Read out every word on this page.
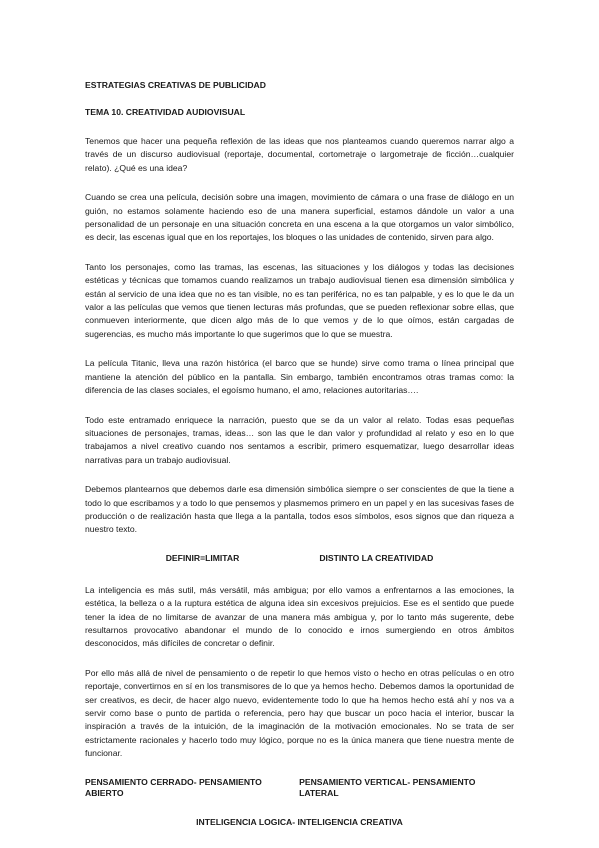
ESTRATEGIAS CREATIVAS DE PUBLICIDAD
TEMA 10. CREATIVIDAD AUDIOVISUAL

Tenemos que hacer una pequeña reflexión de las ideas que nos planteamos cuando queremos narrar algo a través de un discurso audiovisual (reportaje, documental, cortometraje o largometraje de ficción…cualquier relato). ¿Qué es una idea?

Cuando se crea una película, decisión sobre una imagen, movimiento de cámara o una frase de diálogo en un guión, no estamos solamente haciendo eso de una manera superficial, estamos dándole un valor a una personalidad de un personaje en una situación concreta en una escena a la que otorgamos un valor simbólico, es decir, las escenas igual que en los reportajes, los bloques o las unidades de contenido, sirven para algo.

Tanto los personajes, como las tramas, las escenas, las situaciones y los diálogos y todas las decisiones estéticas y técnicas que tomamos cuando realizamos un trabajo audiovisual tienen esa dimensión simbólica y están al servicio de una idea que no es tan visible, no es tan periférica, no es tan palpable, y es lo que le da un valor a las películas que vemos que tienen lecturas más profundas, que se pueden reflexionar sobre ellas, que conmueven interiormente, que dicen algo más de lo que vemos y de lo que oímos, están cargadas de sugerencias, es mucho más importante lo que sugerimos que lo que se muestra.

La película Titanic, lleva una razón histórica (el barco que se hunde) sirve como trama o línea principal que mantiene la atención del público en la pantalla. Sin embargo, también encontramos otras tramas como: la diferencia de las clases sociales, el egoísmo humano, el amo, relaciones autoritarias….

Todo este entramado enriquece la narración, puesto que se da un valor al relato. Todas esas pequeñas situaciones de personajes, tramas, ideas… son las que le dan valor y profundidad al relato y eso en lo que trabajamos a nivel creativo cuando nos sentamos a escribir, primero esquematizar, luego desarrollar ideas narrativas para un trabajo audiovisual.

Debemos plantearnos que debemos darle esa dimensión simbólica siempre o ser conscientes de que la tiene a todo lo que escribamos y a todo lo que pensemos y plasmemos primero en un papel y en las sucesivas fases de producción o de realización hasta que llega a la pantalla, todos esos símbolos, esos signos que dan riqueza a nuestro texto.

DEFINIR=LIMITAR	DISTINTO LA CREATIVIDAD

La inteligencia es más sutil, más versátil, más ambigua; por ello vamos a enfrentarnos a las emociones, la estética, la belleza o a la ruptura estética de alguna idea sin excesivos prejuicios. Ese es el sentido que puede tener la idea de no limitarse de avanzar de una manera más ambigua y, por lo tanto más sugerente, debe resultarnos provocativo abandonar el mundo de lo conocido e irnos sumergiendo en otros ámbitos desconocidos, más difíciles de concretar o definir.

Por ello más allá de nivel de pensamiento o de repetir lo que hemos visto o hecho en otras películas o en otro reportaje, convertirnos en sí en los transmisores de lo que ya hemos hecho. Debemos damos la oportunidad de ser creativos, es decir, de hacer algo nuevo, evidentemente todo lo que ha hemos hecho está ahí y nos va a servir como base o punto de partida o referencia, pero hay que buscar un poco hacia el interior, buscar la inspiración a través de la intuición, de la imaginación de la motivación emocionales. No se trata de ser estrictamente racionales y hacerlo todo muy lógico, porque no es la única manera que tiene nuestra mente de funcionar.

PENSAMIENTO CERRADO- PENSAMIENTO ABIERTO
PENSAMIENTO VERTICAL- PENSAMIENTO LATERAL
INTELIGENCIA LOGICA- INTELIGENCIA CREATIVA
